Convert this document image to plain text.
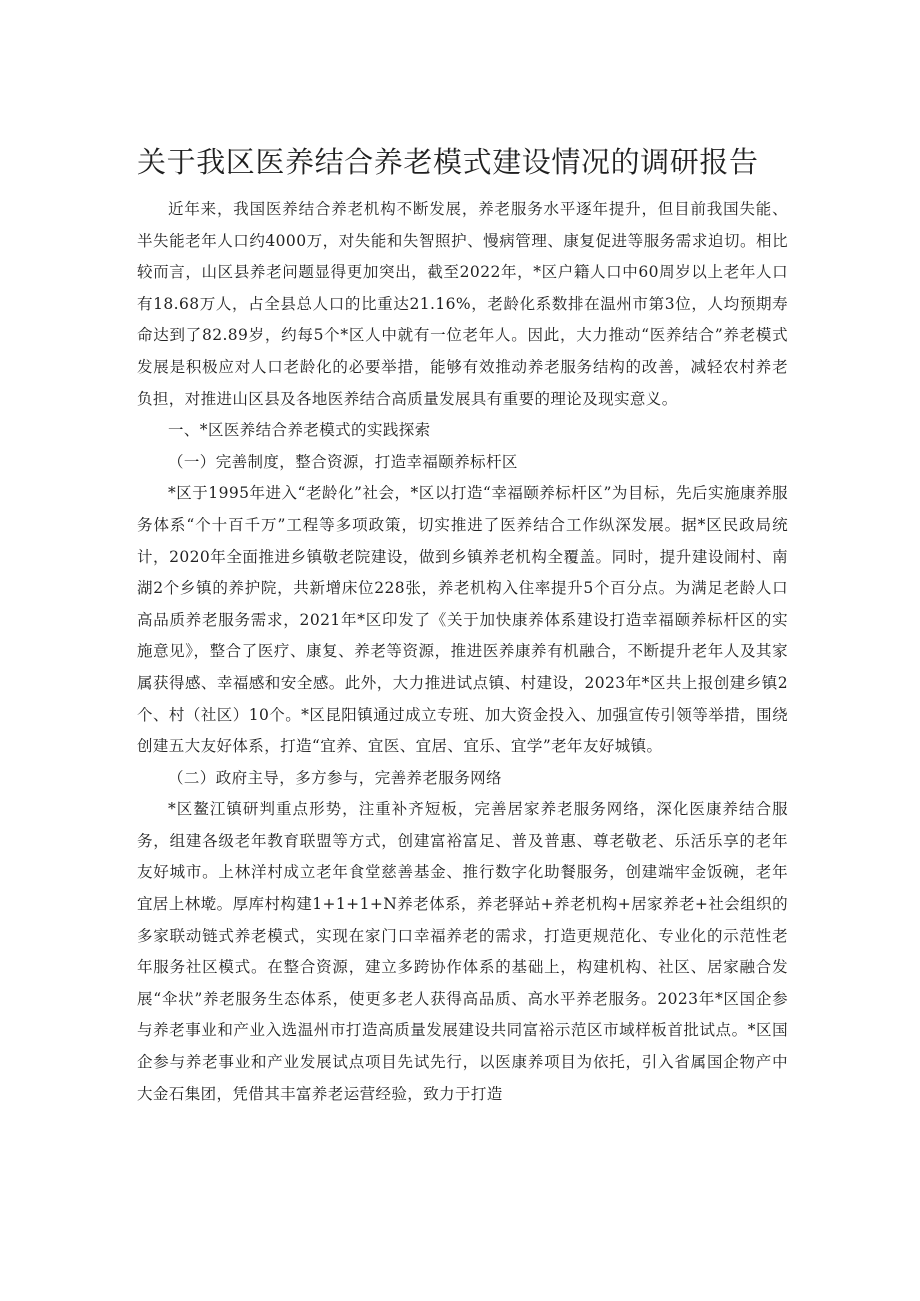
关于我区医养结合养老模式建设情况的调研报告

近年来，我国医养结合养老机构不断发展，养老服务水平逐年提升，但目前我国失能、半失能老年人口约4000万，对失能和失智照护、慢病管理、康复促进等服务需求迫切。相比较而言，山区县养老问题显得更加突出，截至2022年，*区户籍人口中60周岁以上老年人口有18.68万人，占全县总人口的比重达21.16%，老龄化系数排在温州市第3位，人均预期寿命达到了82.89岁，约每5个*区人中就有一位老年人。因此，大力推动“医养结合”养老模式发展是积极应对人口老龄化的必要举措，能够有效推动养老服务结构的改善，减轻农村养老负担，对推进山区县及各地医养结合高质量发展具有重要的理论及现实意义。

一、*区医养结合养老模式的实践探索

（一）完善制度，整合资源，打造幸福颐养标杆区

*区于1995年进入“老龄化”社会，*区以打造“幸福颐养标杆区”为目标，先后实施康养服务体系“个十百千万”工程等多项政策，切实推进了医养结合工作纵深发展。据*区民政局统计，2020年全面推进乡镇敬老院建设，做到乡镇养老机构全覆盖。同时，提升建设闹村、南湖2个乡镇的养护院，共新增床位228张，养老机构入住率提升5个百分点。为满足老龄人口高品质养老服务需求，2021年*区印发了《关于加快康养体系建设打造幸福颐养标杆区的实施意见》，整合了医疗、康复、养老等资源，推进医养康养有机融合，不断提升老年人及其家属获得感、幸福感和安全感。此外，大力推进试点镇、村建设，2023年*区共上报创建乡镇2个、村（社区）10个。*区昆阳镇通过成立专班、加大资金投入、加强宣传引领等举措，围绕创建五大友好体系，打造“宜养、宜医、宜居、宜乐、宜学”老年友好城镇。

（二）政府主导，多方参与，完善养老服务网络

*区鳌江镇研判重点形势，注重补齐短板，完善居家养老服务网络，深化医康养结合服务，组建各级老年教育联盟等方式，创建富裕富足、普及普惠、尊老敬老、乐活乐享的老年友好城市。上林洋村成立老年食堂慈善基金、推行数字化助餐服务，创建端牢金饭碗，老年宜居上林墘。厚库村构建1+1+1+N养老体系，养老驿站+养老机构+居家养老+社会组织的多家联动链式养老模式，实现在家门口幸福养老的需求，打造更规范化、专业化的示范性老年服务社区模式。在整合资源，建立多跨协作体系的基础上，构建机构、社区、居家融合发展“伞状”养老服务生态体系，使更多老人获得高品质、高水平养老服务。2023年*区国企参与养老事业和产业入选温州市打造高质量发展建设共同富裕示范区市域样板首批试点。*区国企参与养老事业和产业发展试点项目先试先行，以医康养项目为依托，引入省属国企物产中大金石集团，凭借其丰富养老运营经验，致力于打造
